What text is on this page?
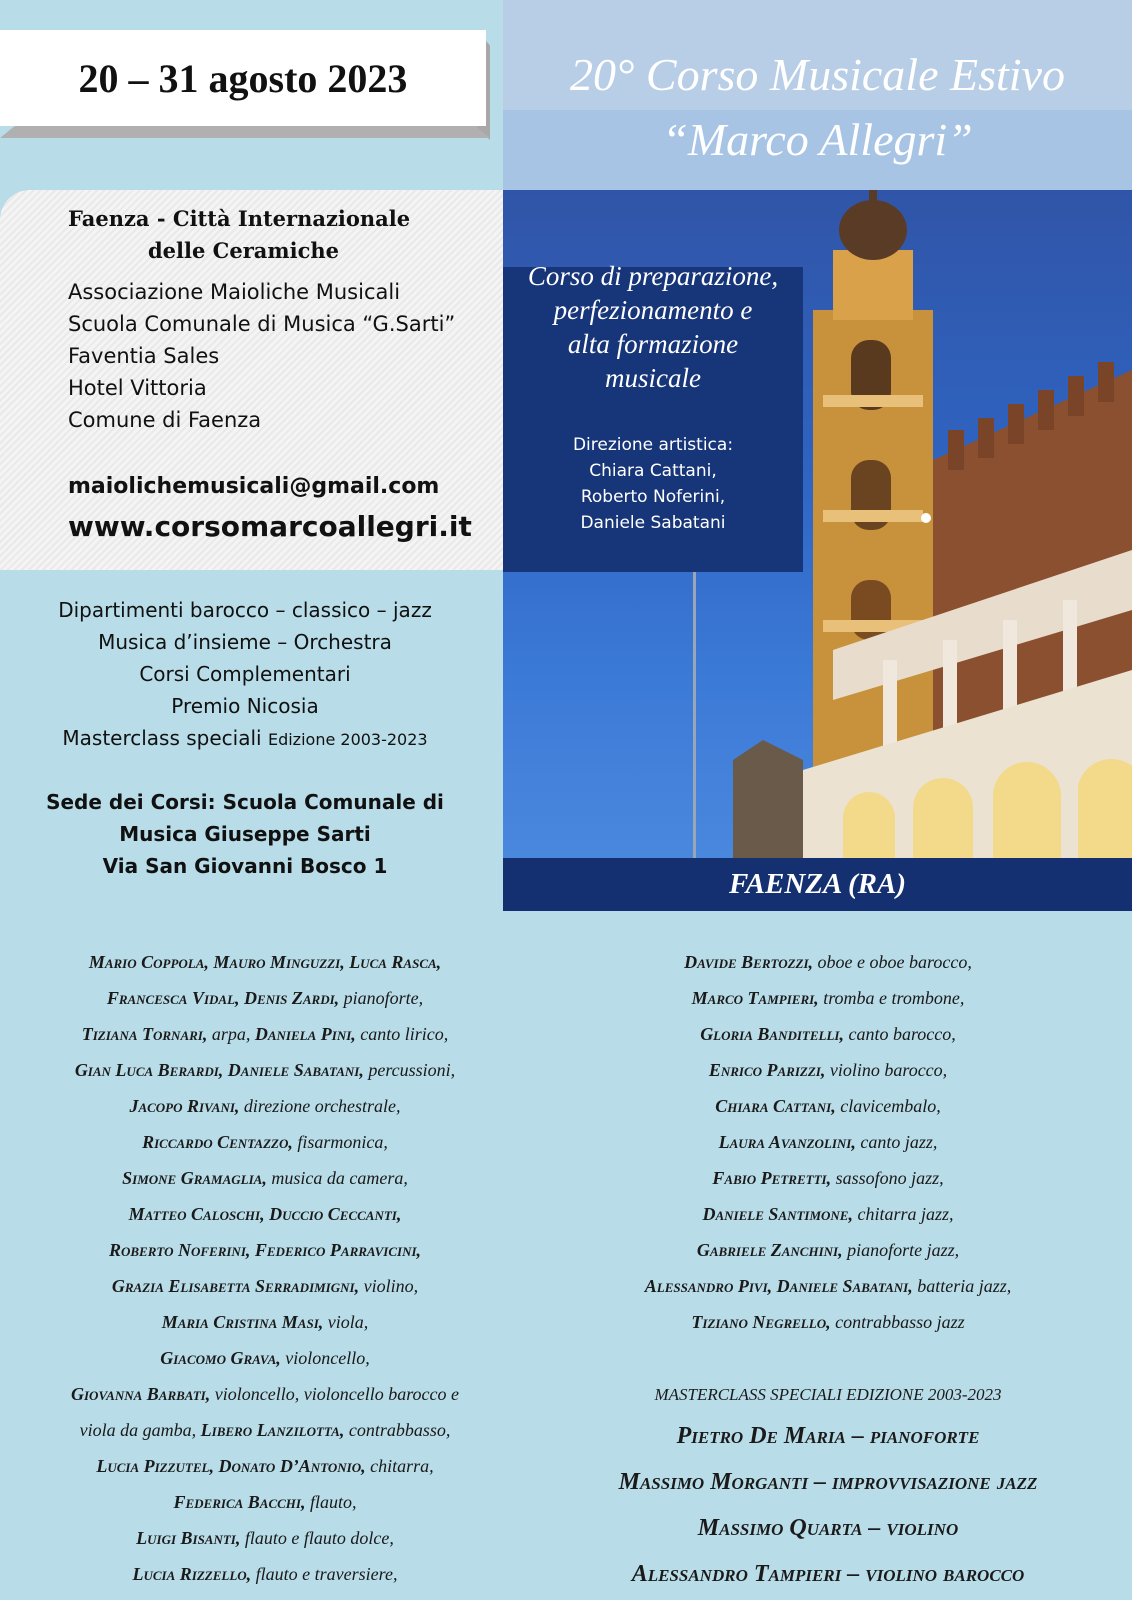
20 – 31 agosto 2023	20° Corso Musicale Estivo
“Marco Allegri”
Faenza - Città Internazionale
delle Ceramiche
Associazione Maioliche Musicali
Scuola Comunale di Musica “G.Sarti”
Faventia Sales
Hotel Vittoria
Comune di Faenza
maiolichemusicali@gmail.com
www.corsomarcoallegri.it
Dipartimenti barocco – classico – jazz
Musica d’insieme – Orchestra
Corsi Complementari
Premio Nicosia
Masterclass speciali Edizione 2003-2023
Sede dei Corsi: Scuola Comunale di
Musica Giuseppe Sarti
Via San Giovanni Bosco 1
Corso di preparazione,
perfezionamento e
alta formazione
musicale
Direzione artistica:
Chiara Cattani,
Roberto Noferini,
Daniele Sabatani
FAENZA (RA)
Mario Coppola, Mauro Minguzzi, Luca Rasca,
Francesca Vidal, Denis Zardi, pianoforte,
Tiziana Tornari, arpa, Daniela Pini, canto lirico,
Gian Luca Berardi, Daniele Sabatani, percussioni,
Jacopo Rivani, direzione orchestrale,
Riccardo Centazzo, fisarmonica,
Simone Gramaglia, musica da camera,
Matteo Caloschi, Duccio Ceccanti,
Roberto Noferini, Federico Parravicini,
Grazia Elisabetta Serradimigni, violino,
Maria Cristina Masi, viola,
Giacomo Grava, violoncello,
Giovanna Barbati, violoncello, violoncello barocco e
viola da gamba, Libero Lanzilotta, contrabbasso,
Lucia Pizzutel, Donato D’Antonio, chitarra,
Federica Bacchi, flauto,
Luigi Bisanti, flauto e flauto dolce,
Lucia Rizzello, flauto e traversiere,
Davide Bertozzi, oboe e oboe barocco,
Marco Tampieri, tromba e trombone,
Gloria Banditelli, canto barocco,
Enrico Parizzi, violino barocco,
Chiara Cattani, clavicembalo,
Laura Avanzolini, canto jazz,
Fabio Petretti, sassofono jazz,
Daniele Santimone, chitarra jazz,
Gabriele Zanchini, pianoforte jazz,
Alessandro Pivi, Daniele Sabatani, batteria jazz,
Tiziano Negrello, contrabbasso jazz
MASTERCLASS SPECIALI EDIZIONE 2003-2023
Pietro De Maria – pianoforte
Massimo Morganti – improvvisazione jazz
Massimo Quarta – violino
Alessandro Tampieri – violino barocco
